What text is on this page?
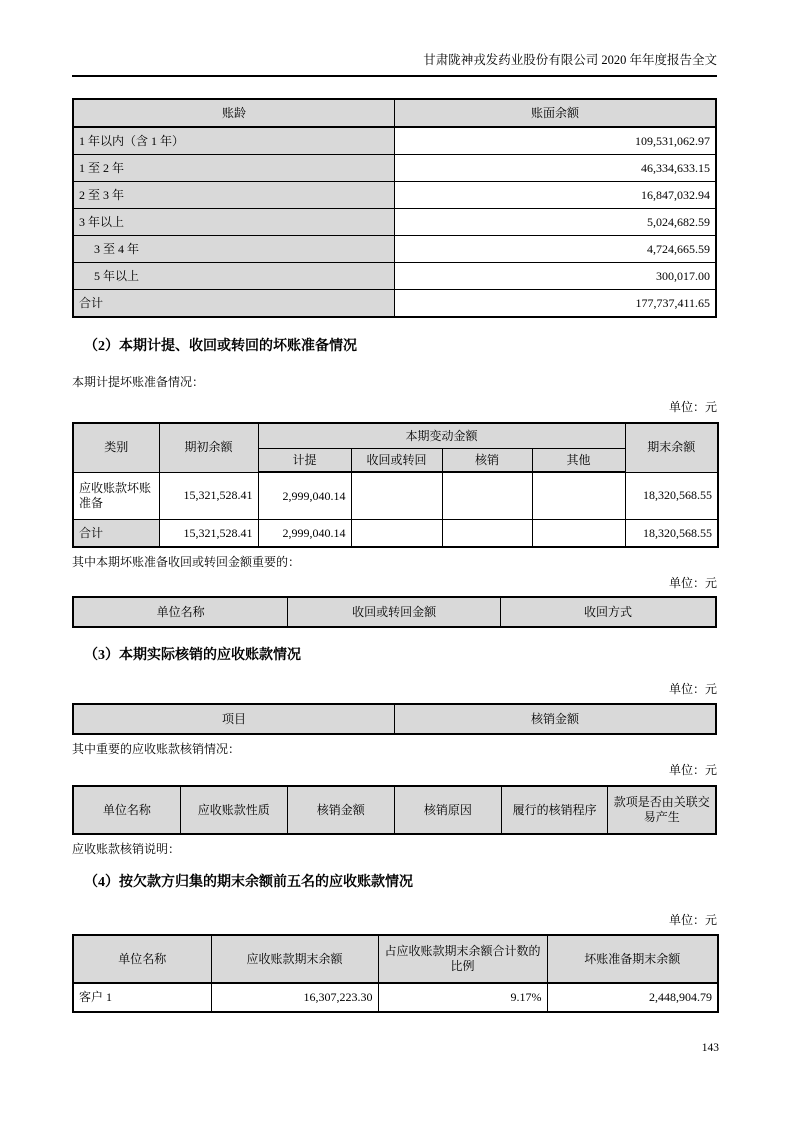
甘肃陇神戎发药业股份有限公司 2020 年年度报告全文
账龄	账面余额
1 年以内（含 1 年）	109,531,062.97
1 至 2 年	46,334,633.15
2 至 3 年	16,847,032.94
3 年以上	5,024,682.59
3 至 4 年	4,724,665.59
5 年以上	300,017.00
合计	177,737,411.65
（2）本期计提、收回或转回的坏账准备情况
本期计提坏账准备情况：
单位：元
类别	期初余额	本期变动金额				期末余额
		计提	收回或转回	核销	其他	
应收账款坏账准备	15,321,528.41	2,999,040.14				18,320,568.55
合计	15,321,528.41	2,999,040.14				18,320,568.55
其中本期坏账准备收回或转回金额重要的：
单位：元
单位名称	收回或转回金额	收回方式
（3）本期实际核销的应收账款情况
单位：元
项目	核销金额
其中重要的应收账款核销情况：
单位：元
单位名称	应收账款性质	核销金额	核销原因	履行的核销程序	款项是否由关联交易产生
应收账款核销说明：
（4）按欠款方归集的期末余额前五名的应收账款情况
单位：元
单位名称	应收账款期末余额	占应收账款期末余额合计数的比例	坏账准备期末余额
客户 1	16,307,223.30	9.17%	2,448,904.79
143
